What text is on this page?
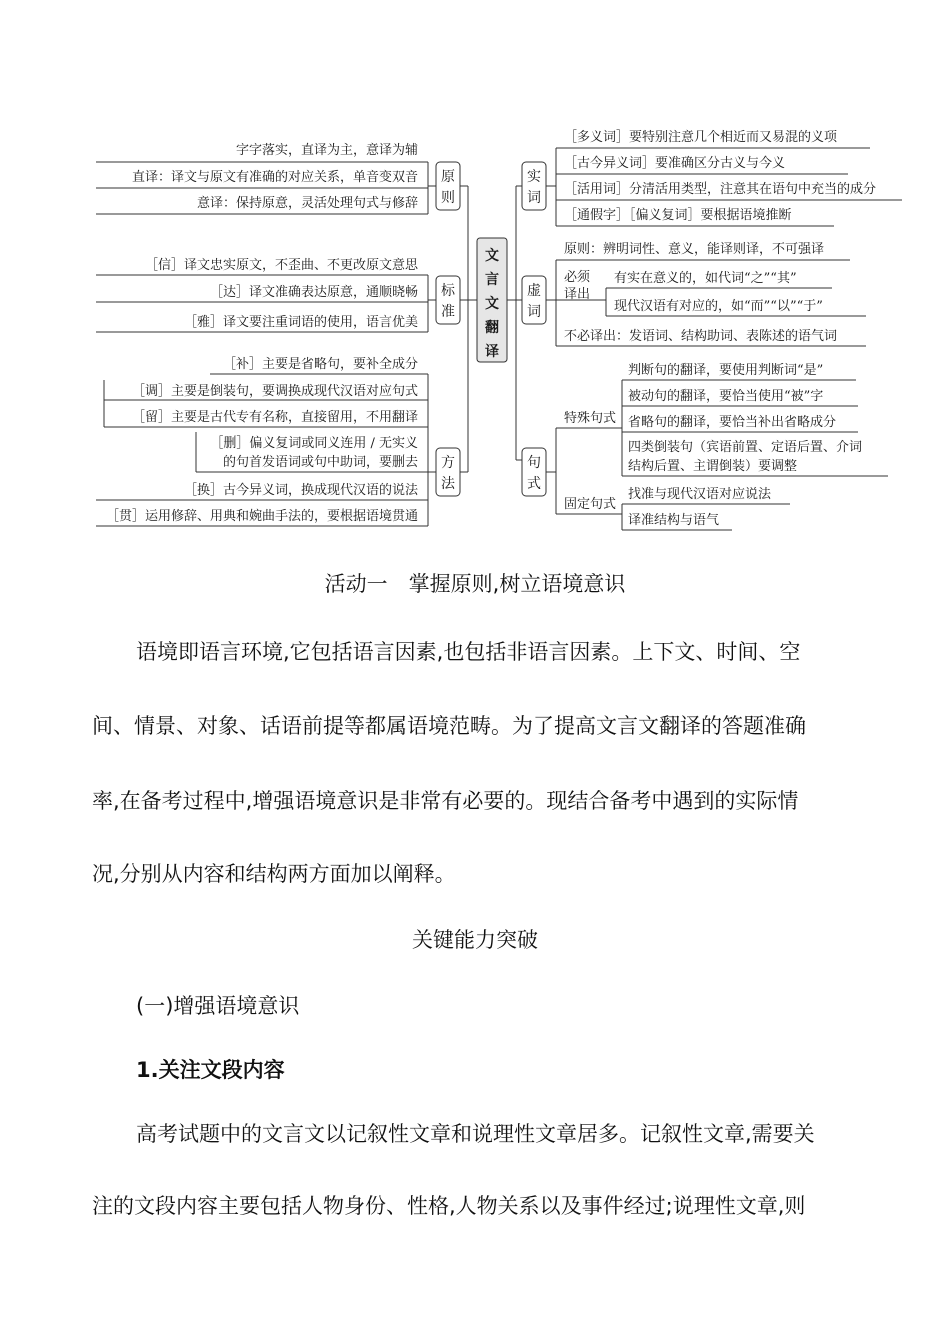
文
言
文
翻
译
原
则
字字落实，直译为主，意译为辅
直译：译文与原文有准确的对应关系，单音变双音
意译：保持原意，灵活处理句式与修辞
标
准
［信］译文忠实原文，不歪曲、不更改原文意思
［达］译文准确表达原意，通顺晓畅
［雅］译文要注重词语的使用，语言优美
方
法
［补］主要是省略句，要补全成分
［调］主要是倒装句，要调换成现代汉语对应句式
［留］主要是古代专有名称，直接留用，不用翻译
［删］偏义复词或同义连用 / 无实义
的句首发语词或句中助词，要删去
［换］古今异义词，换成现代汉语的说法
［贯］运用修辞、用典和婉曲手法的，要根据语境贯通
实
词
［多义词］要特别注意几个相近而又易混的义项
［古今异义词］要准确区分古义与今义
［活用词］分清活用类型，注意其在语句中充当的成分
［通假字］［偏义复词］要根据语境推断
虚
词
原则：辨明词性、意义，能译则译，不可强译
必须
译出
有实在意义的，如代词“之”“其”
现代汉语有对应的，如“而”“以”“于”
不必译出：发语词、结构助词、表陈述的语气词
句
式
特殊句式
判断句的翻译，要使用判断词“是”
被动句的翻译，要恰当使用“被”字
省略句的翻译，要恰当补出省略成分
四类倒装句（宾语前置、定语后置、介词
结构后置、主谓倒装）要调整
固定句式
找准与现代汉语对应说法
译准结构与语气
活动一　掌握原则,树立语境意识
语境即语言环境,它包括语言因素,也包括非语言因素。上下文、时间、空
间、情景、对象、话语前提等都属语境范畴。为了提高文言文翻译的答题准确
率,在备考过程中,增强语境意识是非常有必要的。现结合备考中遇到的实际情
况,分别从内容和结构两方面加以阐释。
关键能力突破
(一)增强语境意识
1.关注文段内容
高考试题中的文言文以记叙性文章和说理性文章居多。记叙性文章,需要关
注的文段内容主要包括人物身份、性格,人物关系以及事件经过;说理性文章,则
